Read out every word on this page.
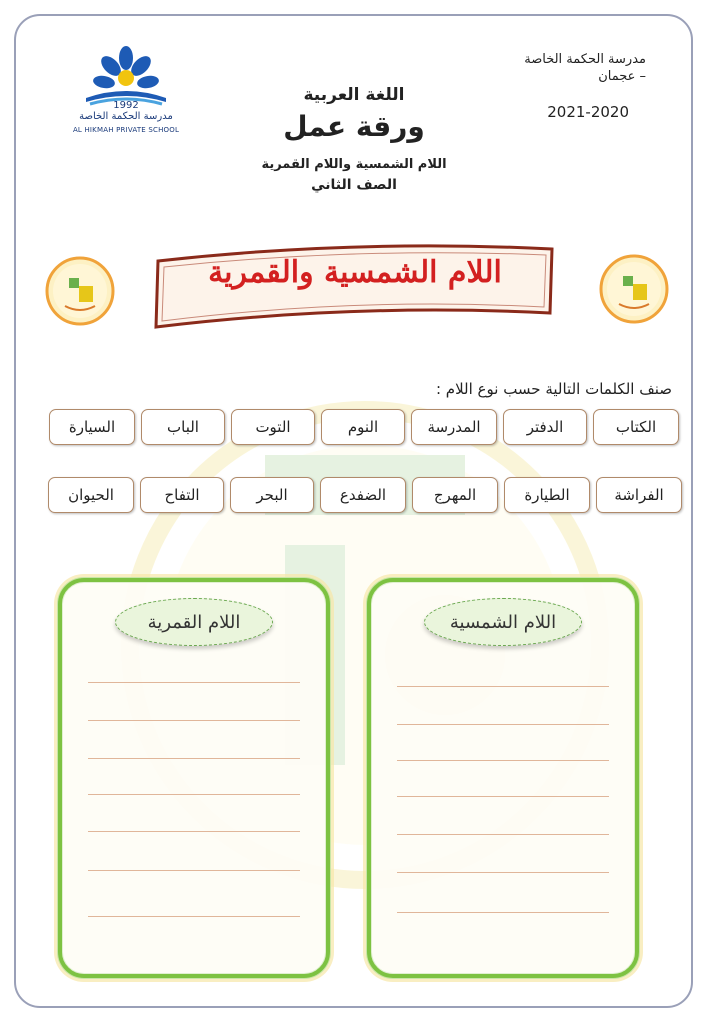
1992
مدرسة الحكمة الخاصة
AL HIKMAH PRIVATE SCHOOL
اللغة العربية
ورقة عمل
اللام الشمسية واللام القمرية
الصف الثاني
مدرسة الحكمة الخاصة
– عجمان
2021-2020
اللام الشمسية والقمرية
صنف الكلمات التالية حسب نوع اللام :
الكتاب
الدفتر
المدرسة
النوم
التوت
الباب
السيارة
الفراشة
الطيارة
المهرج
الضفدع
البحر
التفاح
الحيوان
اللام القمرية	اللام الشمسية
